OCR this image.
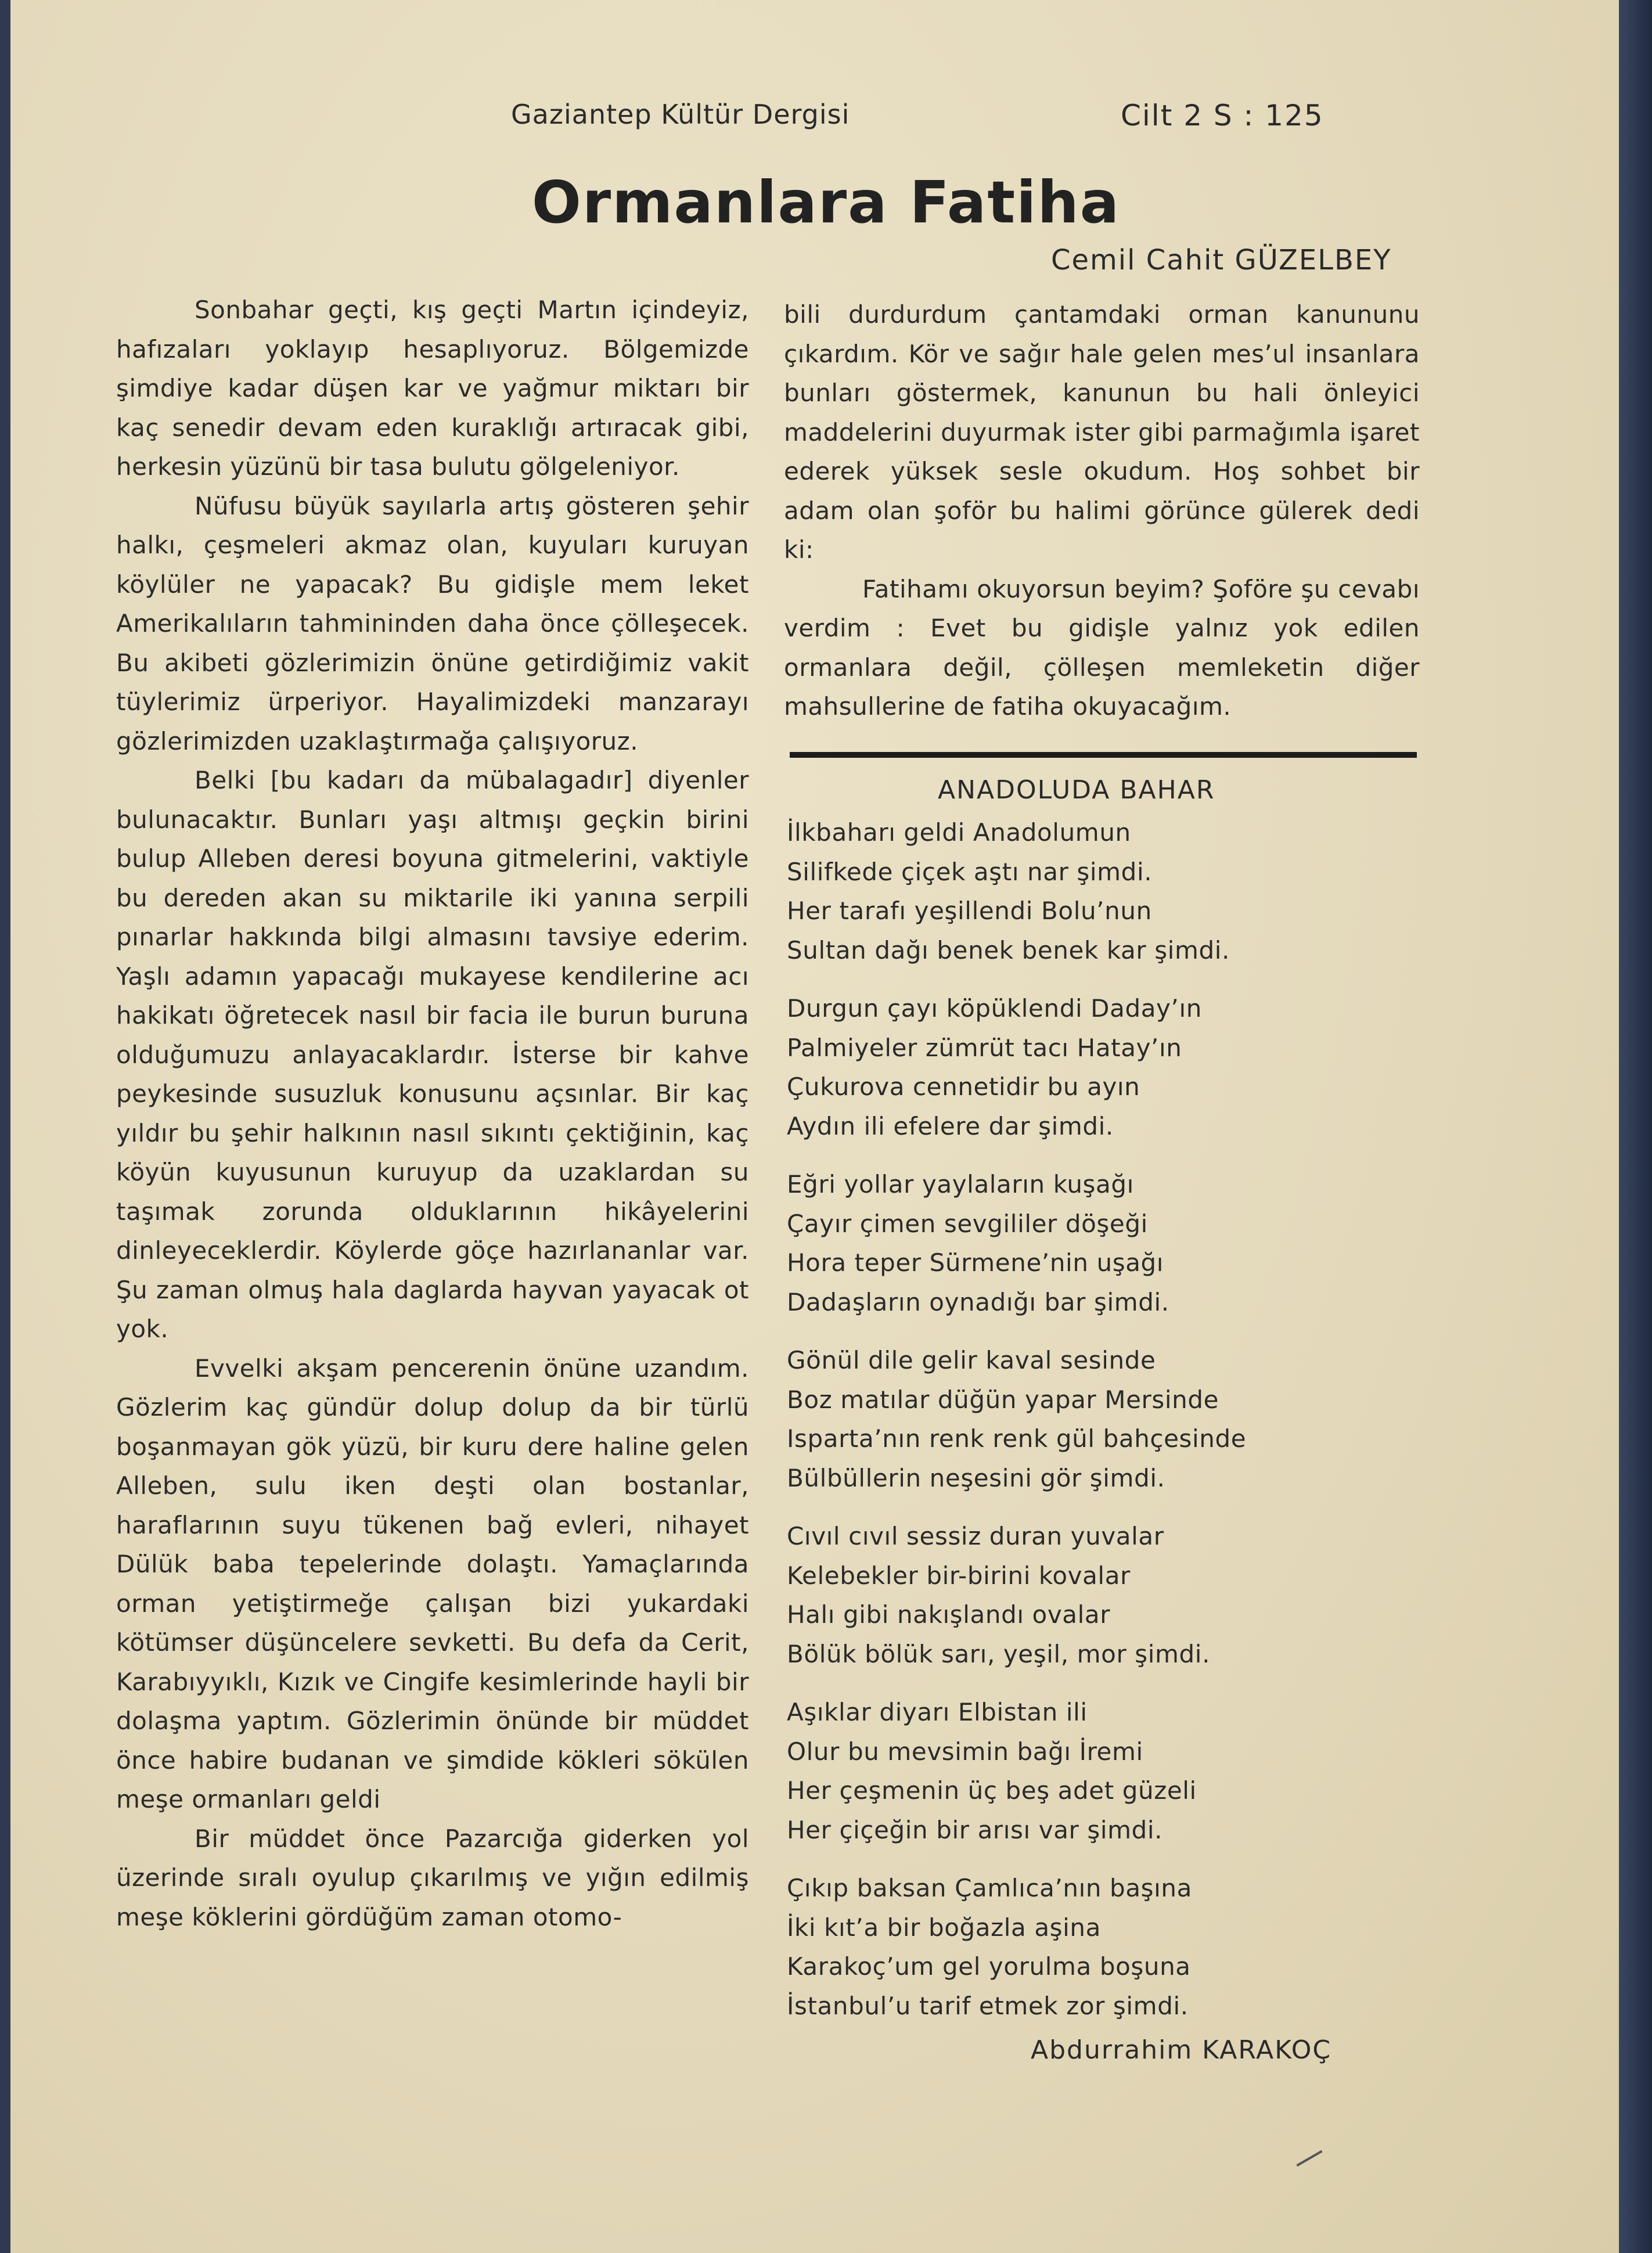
Gaziantep Kültür Dergisi	Cilt 2 S : 125
Ormanlara Fatiha
Cemil Cahit GÜZELBEY

Sonbahar geçti, kış geçti Martın içindeyiz, hafızaları yoklayıp hesaplıyoruz. Bölgemizde şimdiye kadar düşen kar ve yağmur miktarı bir kaç senedir devam eden kuraklığı artıracak gibi, herkesin yüzünü bir tasa bulutu gölgeleniyor.

Nüfusu büyük sayılarla artış gösteren şehir halkı, çeşmeleri akmaz olan, kuyuları kuruyan köylüler ne yapacak? Bu gidişle mem leket Amerikalıların tahmininden daha önce çölleşecek. Bu akibeti gözlerimizin önüne getirdiğimiz vakit tüylerimiz ürperiyor. Hayalimizdeki manzarayı gözlerimizden uzaklaştırmağa çalışıyoruz.

Belki [bu kadarı da mübalagadır] diyenler bulunacaktır. Bunları yaşı altmışı geçkin birini bulup Alleben deresi boyuna gitmelerini, vaktiyle bu dereden akan su miktarile iki yanına serpili pınarlar hakkında bilgi almasını tavsiye ederim. Yaşlı adamın yapacağı mukayese kendilerine acı hakikatı öğretecek nasıl bir facia ile burun buruna olduğumuzu anlayacaklardır. İsterse bir kahve peykesinde susuzluk konusunu açsınlar. Bir kaç yıldır bu şehir halkının nasıl sıkıntı çektiğinin, kaç köyün kuyusunun kuruyup da uzaklardan su taşımak zorunda olduklarının hikâyelerini dinleyeceklerdir. Köylerde göçe hazırlananlar var. Şu zaman olmuş hala daglarda hayvan yayacak ot yok.

Evvelki akşam pencerenin önüne uzandım. Gözlerim kaç gündür dolup dolup da bir türlü boşanmayan gök yüzü, bir kuru dere haline gelen Alleben, sulu iken deşti olan bostanlar, haraflarının suyu tükenen bağ evleri, nihayet Dülük baba tepelerinde dolaştı. Yamaçlarında orman yetiştirmeğe çalışan bizi yukardaki kötümser düşüncelere sevketti. Bu defa da Cerit, Karabıyyıklı, Kızık ve Cingife kesimlerinde hayli bir dolaşma yaptım. Gözlerimin önünde bir müddet önce habire budanan ve şimdide kökleri sökülen meşe ormanları geldi

Bir müddet önce Pazarcığa giderken yol üzerinde sıralı oyulup çıkarılmış ve yığın edilmiş meşe köklerini gördüğüm zaman otomo-

bili durdurdum çantamdaki orman kanununu çıkardım. Kör ve sağır hale gelen mes’ul insanlara bunları göstermek, kanunun bu hali önleyici maddelerini duyurmak ister gibi parmağımla işaret ederek yüksek sesle okudum. Hoş sohbet bir adam olan şoför bu halimi görünce gülerek dedi ki:

Fatihamı okuyorsun beyim? Şoföre şu cevabı verdim : Evet bu gidişle yalnız yok edilen ormanlara değil, çölleşen memleketin diğer mahsullerine de fatiha okuyacağım.

ANADOLUDA BAHAR
İlkbaharı geldi Anadolumun
Silifkede çiçek aştı nar şimdi.
Her tarafı yeşillendi Bolu’nun
Sultan dağı benek benek kar şimdi.
Durgun çayı köpüklendi Daday’ın
Palmiyeler zümrüt tacı Hatay’ın
Çukurova cennetidir bu ayın
Aydın ili efelere dar şimdi.
Eğri yollar yaylaların kuşağı
Çayır çimen sevgililer döşeği
Hora teper Sürmene’nin uşağı
Dadaşların oynadığı bar şimdi.
Gönül dile gelir kaval sesinde
Boz matılar düğün yapar Mersinde
Isparta’nın renk renk gül bahçesinde
Bülbüllerin neşesini gör şimdi.
Cıvıl cıvıl sessiz duran yuvalar
Kelebekler bir-birini kovalar
Halı gibi nakışlandı ovalar
Bölük bölük sarı, yeşil, mor şimdi.
Aşıklar diyarı Elbistan ili
Olur bu mevsimin bağı İremi
Her çeşmenin üç beş adet güzeli
Her çiçeğin bir arısı var şimdi.
Çıkıp baksan Çamlıca’nın başına
İki kıt’a bir boğazla aşina
Karakoç’um gel yorulma boşuna
İstanbul’u tarif etmek zor şimdi.
Abdurrahim KARAKOÇ
